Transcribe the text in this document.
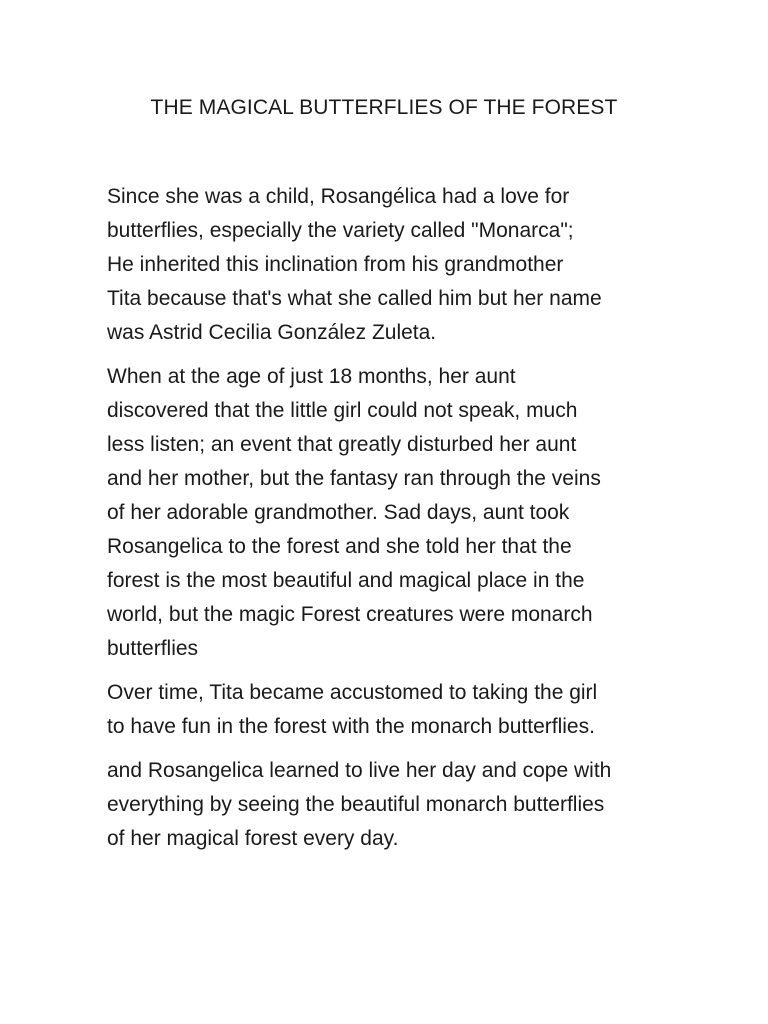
THE MAGICAL BUTTERFLIES OF THE FOREST

Since she was a child, Rosangélica had a love for
butterflies, especially the variety called "Monarca";
He inherited this inclination from his grandmother
Tita because that's what she called him but her name
was Astrid Cecilia González Zuleta.

When at the age of just 18 months, her aunt
discovered that the little girl could not speak, much
less listen; an event that greatly disturbed her aunt
and her mother, but the fantasy ran through the veins
of her adorable grandmother. Sad days, aunt took
Rosangelica to the forest and she told her that the
forest is the most beautiful and magical place in the
world, but the magic Forest creatures were monarch
butterflies

Over time, Tita became accustomed to taking the girl
to have fun in the forest with the monarch butterflies.

and Rosangelica learned to live her day and cope with
everything by seeing the beautiful monarch butterflies
of her magical forest every day.
